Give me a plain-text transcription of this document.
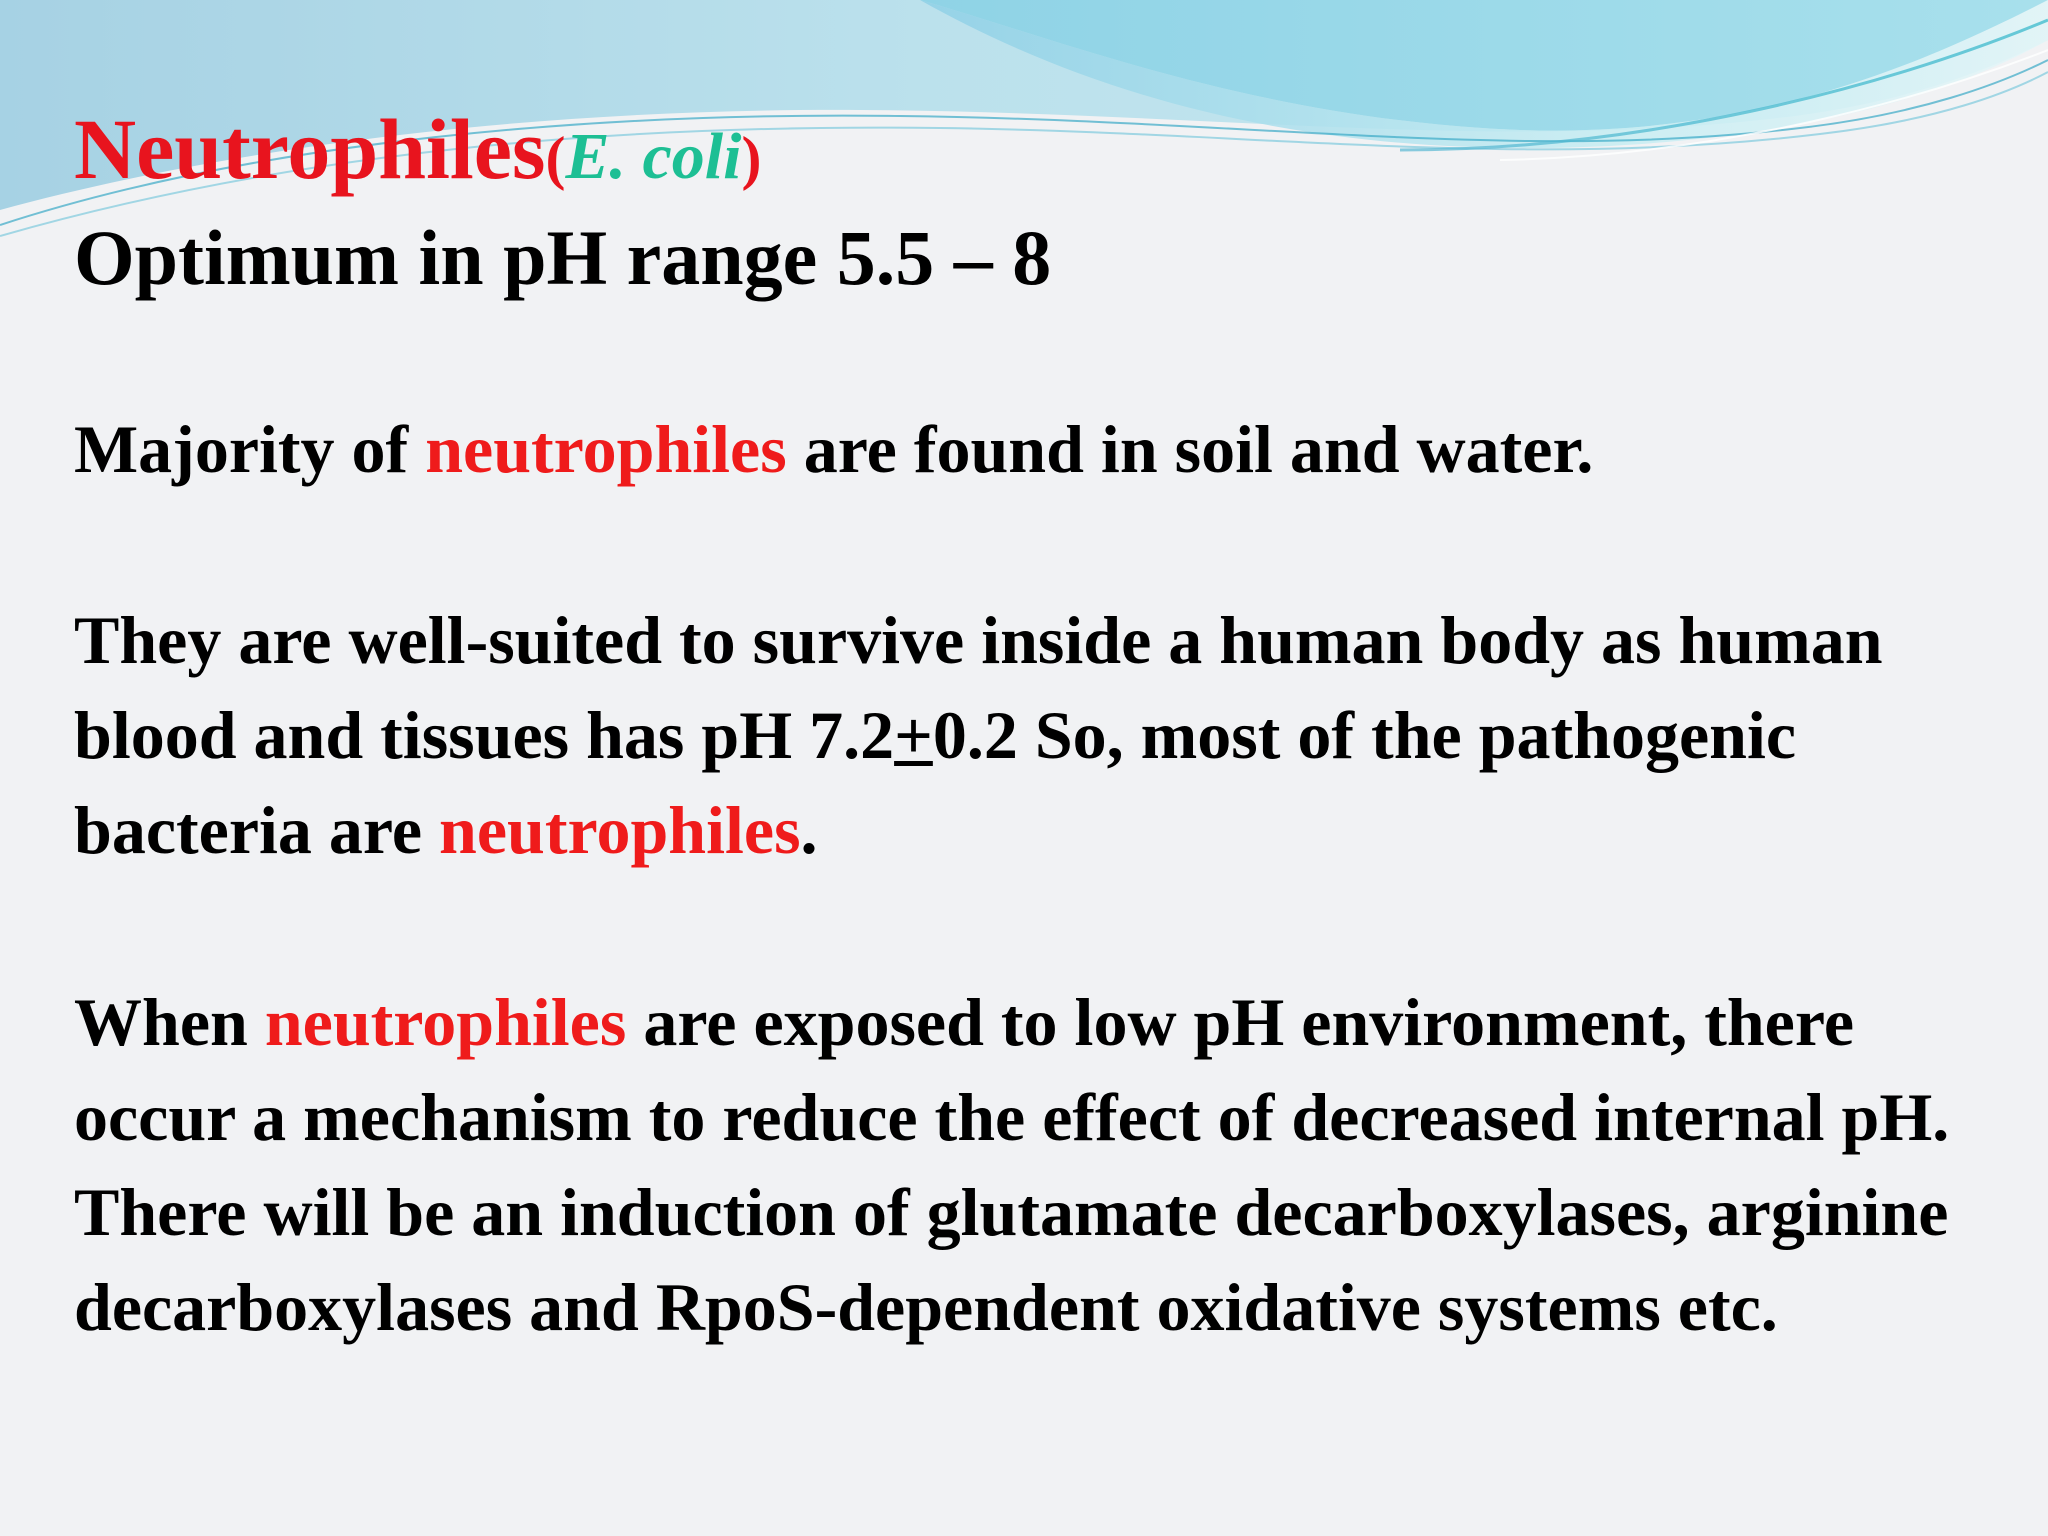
Neutrophiles(E. coli)
Optimum in pH range 5.5 – 8
Majority of neutrophiles are found in soil and water.
They are well-suited to survive inside a human body as human blood and tissues has pH 7.2+0.2 So, most of the pathogenic bacteria are neutrophiles.
When neutrophiles are exposed to low pH environment, there occur a mechanism to reduce the effect of decreased internal pH. There will be an induction of glutamate decarboxylases, arginine decarboxylases and RpoS-dependent oxidative systems etc.
